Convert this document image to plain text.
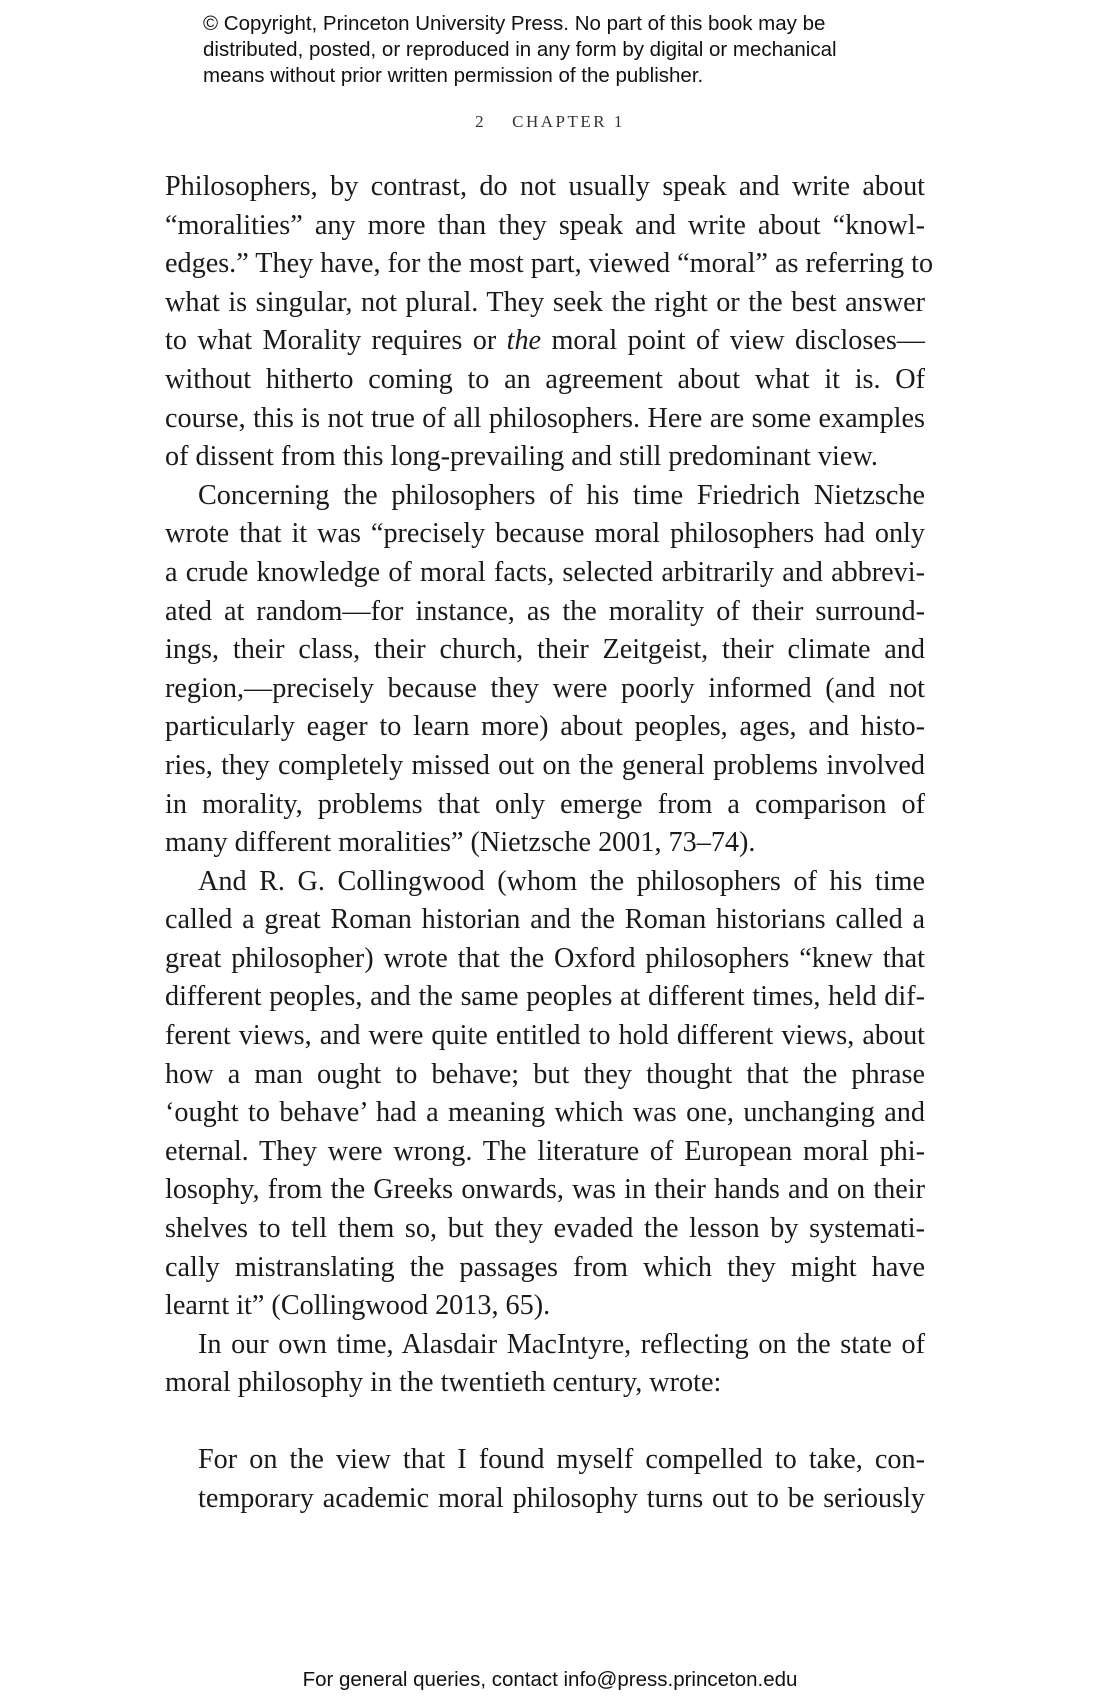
© Copyright, Princeton University Press. No part of this book may be
distributed, posted, or reproduced in any form by digital or mechanical
means without prior written permission of the publisher.
2 CHAPTER 1
Philosophers, by contrast, do not usually speak and write about
“moralities” any more than they speak and write about “knowl-
edges.” They have, for the most part, viewed “moral” as referring to
what is singular, not plural. They seek the right or the best answer
to what Morality requires or the moral point of view discloses—
without hitherto coming to an agreement about what it is. Of
course, this is not true of all philosophers. Here are some examples
of dissent from this long-prevailing and still predominant view.
Concerning the philosophers of his time Friedrich Nietzsche
wrote that it was “precisely because moral philosophers had only
a crude knowledge of moral facts, selected arbitrarily and abbrevi-
ated at random—for instance, as the morality of their surround-
ings, their class, their church, their Zeitgeist, their climate and
region,—precisely because they were poorly informed (and not
particularly eager to learn more) about peoples, ages, and histo-
ries, they completely missed out on the general problems involved
in morality, problems that only emerge from a comparison of
many different moralities” (Nietzsche 2001, 73–74).
And R. G. Collingwood (whom the philosophers of his time
called a great Roman historian and the Roman historians called a
great philosopher) wrote that the Oxford philosophers “knew that
different peoples, and the same peoples at different times, held dif-
ferent views, and were quite entitled to hold different views, about
how a man ought to behave; but they thought that the phrase
‘ought to behave’ had a meaning which was one, unchanging and
eternal. They were wrong. The literature of European moral phi-
losophy, from the Greeks onwards, was in their hands and on their
shelves to tell them so, but they evaded the lesson by systemati-
cally mistranslating the passages from which they might have
learnt it” (Collingwood 2013, 65).
In our own time, Alasdair MacIntyre, reflecting on the state of
moral philosophy in the twentieth century, wrote:
For on the view that I found myself compelled to take, con-
temporary academic moral philosophy turns out to be seriously
For general queries, contact info@press.princeton.edu
